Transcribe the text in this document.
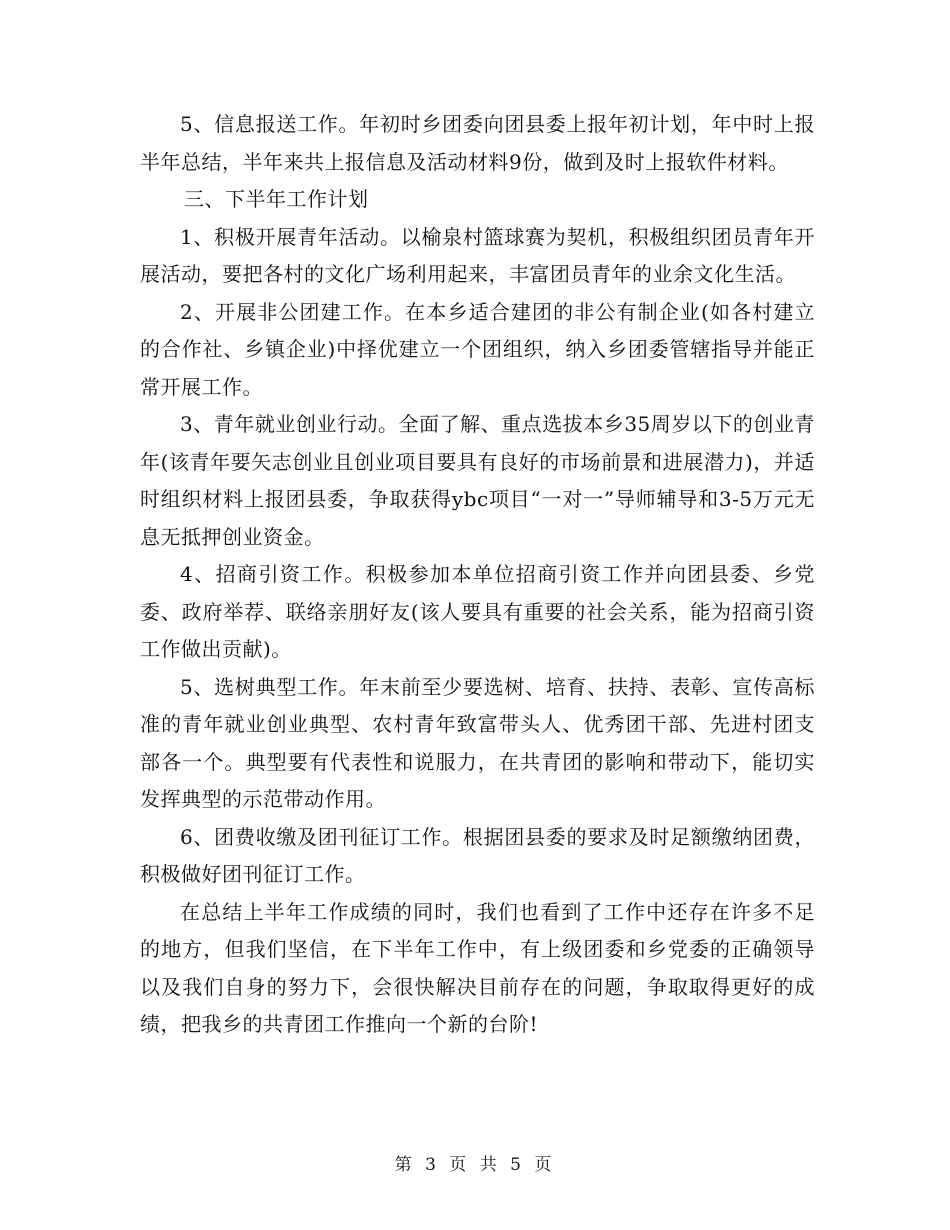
5、信息报送工作。年初时乡团委向团县委上报年初计划，年中时上报半年总结，半年来共上报信息及活动材料9份，做到及时上报软件材料。

三、下半年工作计划

1、积极开展青年活动。以榆泉村篮球赛为契机，积极组织团员青年开展活动，要把各村的文化广场利用起来，丰富团员青年的业余文化生活。

2、开展非公团建工作。在本乡适合建团的非公有制企业(如各村建立的合作社、乡镇企业)中择优建立一个团组织，纳入乡团委管辖指导并能正常开展工作。

3、青年就业创业行动。全面了解、重点选拔本乡35周岁以下的创业青年(该青年要矢志创业且创业项目要具有良好的市场前景和进展潜力)，并适时组织材料上报团县委，争取获得ybc项目“一对一”导师辅导和3-5万元无息无抵押创业资金。

4、招商引资工作。积极参加本单位招商引资工作并向团县委、乡党委、政府举荐、联络亲朋好友(该人要具有重要的社会关系，能为招商引资工作做出贡献)。

5、选树典型工作。年末前至少要选树、培育、扶持、表彰、宣传高标准的青年就业创业典型、农村青年致富带头人、优秀团干部、先进村团支部各一个。典型要有代表性和说服力，在共青团的影响和带动下，能切实发挥典型的示范带动作用。

6、团费收缴及团刊征订工作。根据团县委的要求及时足额缴纳团费，积极做好团刊征订工作。

在总结上半年工作成绩的同时，我们也看到了工作中还存在许多不足的地方，但我们坚信，在下半年工作中，有上级团委和乡党委的正确领导以及我们自身的努力下，会很快解决目前存在的问题，争取取得更好的成绩，把我乡的共青团工作推向一个新的台阶!

第 3 页 共 5 页
